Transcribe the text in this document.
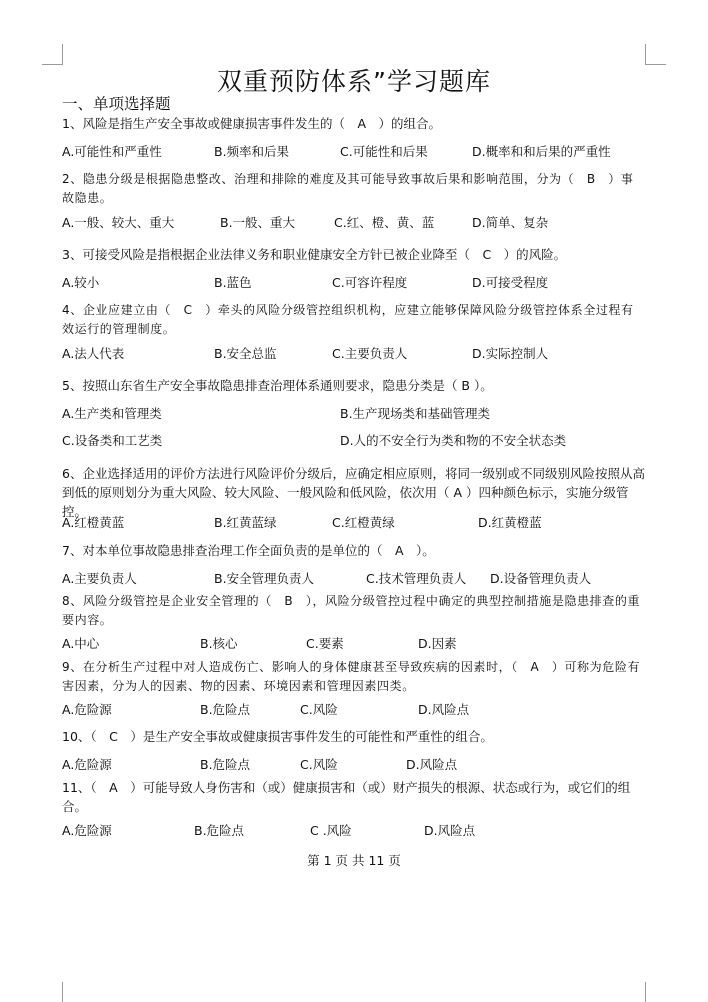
双重预防体系”学习题库
一、单项选择题
1、风险是指生产安全事故或健康损害事件发生的（　A　）的组合。
A.可能性和严重性	B.频率和后果	C.可能性和后果	D.概率和和后果的严重性
2、隐患分级是根据隐患整改、治理和排除的难度及其可能导致事故后果和影响范围，分为（　B　）事故隐患。
A.一般、较大、重大	B.一般、重大	C.红、橙、黄、蓝	D.简单、复杂
3、可接受风险是指根据企业法律义务和职业健康安全方针已被企业降至（　C　）的风险。
A.较小	B.蓝色	C.可容许程度	D.可接受程度
4、企业应建立由（　C　）牵头的风险分级管控组织机构，应建立能够保障风险分级管控体系全过程有效运行的管理制度。
A.法人代表	B.安全总监	C.主要负责人	D.实际控制人
5、按照山东省生产安全事故隐患排查治理体系通则要求，隐患分类是（ B ）。
A.生产类和管理类	B.生产现场类和基础管理类
C.设备类和工艺类	D.人的不安全行为类和物的不安全状态类
6、企业选择适用的评价方法进行风险评价分级后，应确定相应原则，将同一级别或不同级别风险按照从高到低的原则划分为重大风险、较大风险、一般风险和低风险，依次用（ A ）四种颜色标示，实施分级管控。
A.红橙黄蓝	B.红黄蓝绿	C.红橙黄绿	D.红黄橙蓝
7、对本单位事故隐患排查治理工作全面负责的是单位的（　A　）。
A.主要负责人	B.安全管理负责人	C.技术管理负责人 D.设备管理负责人
8、风险分级管控是企业安全管理的（　B　），风险分级管控过程中确定的典型控制措施是隐患排查的重要内容。
A.中心	B.核心	C.要素	D.因素
9、在分析生产过程中对人造成伤亡、影响人的身体健康甚至导致疾病的因素时，（　A　）可称为危险有害因素，分为人的因素、物的因素、环境因素和管理因素四类。
A.危险源	B.危险点	C.风险	D.风险点
10、（　C　）是生产安全事故或健康损害事件发生的可能性和严重性的组合。
A.危险源	B.危险点	C.风险	D.风险点
11、（　A　）可能导致人身伤害和（或）健康损害和（或）财产损失的根源、状态或行为，或它们的组合。
A.危险源	B.危险点	C .风险	D.风险点
第 1 页 共 11 页
